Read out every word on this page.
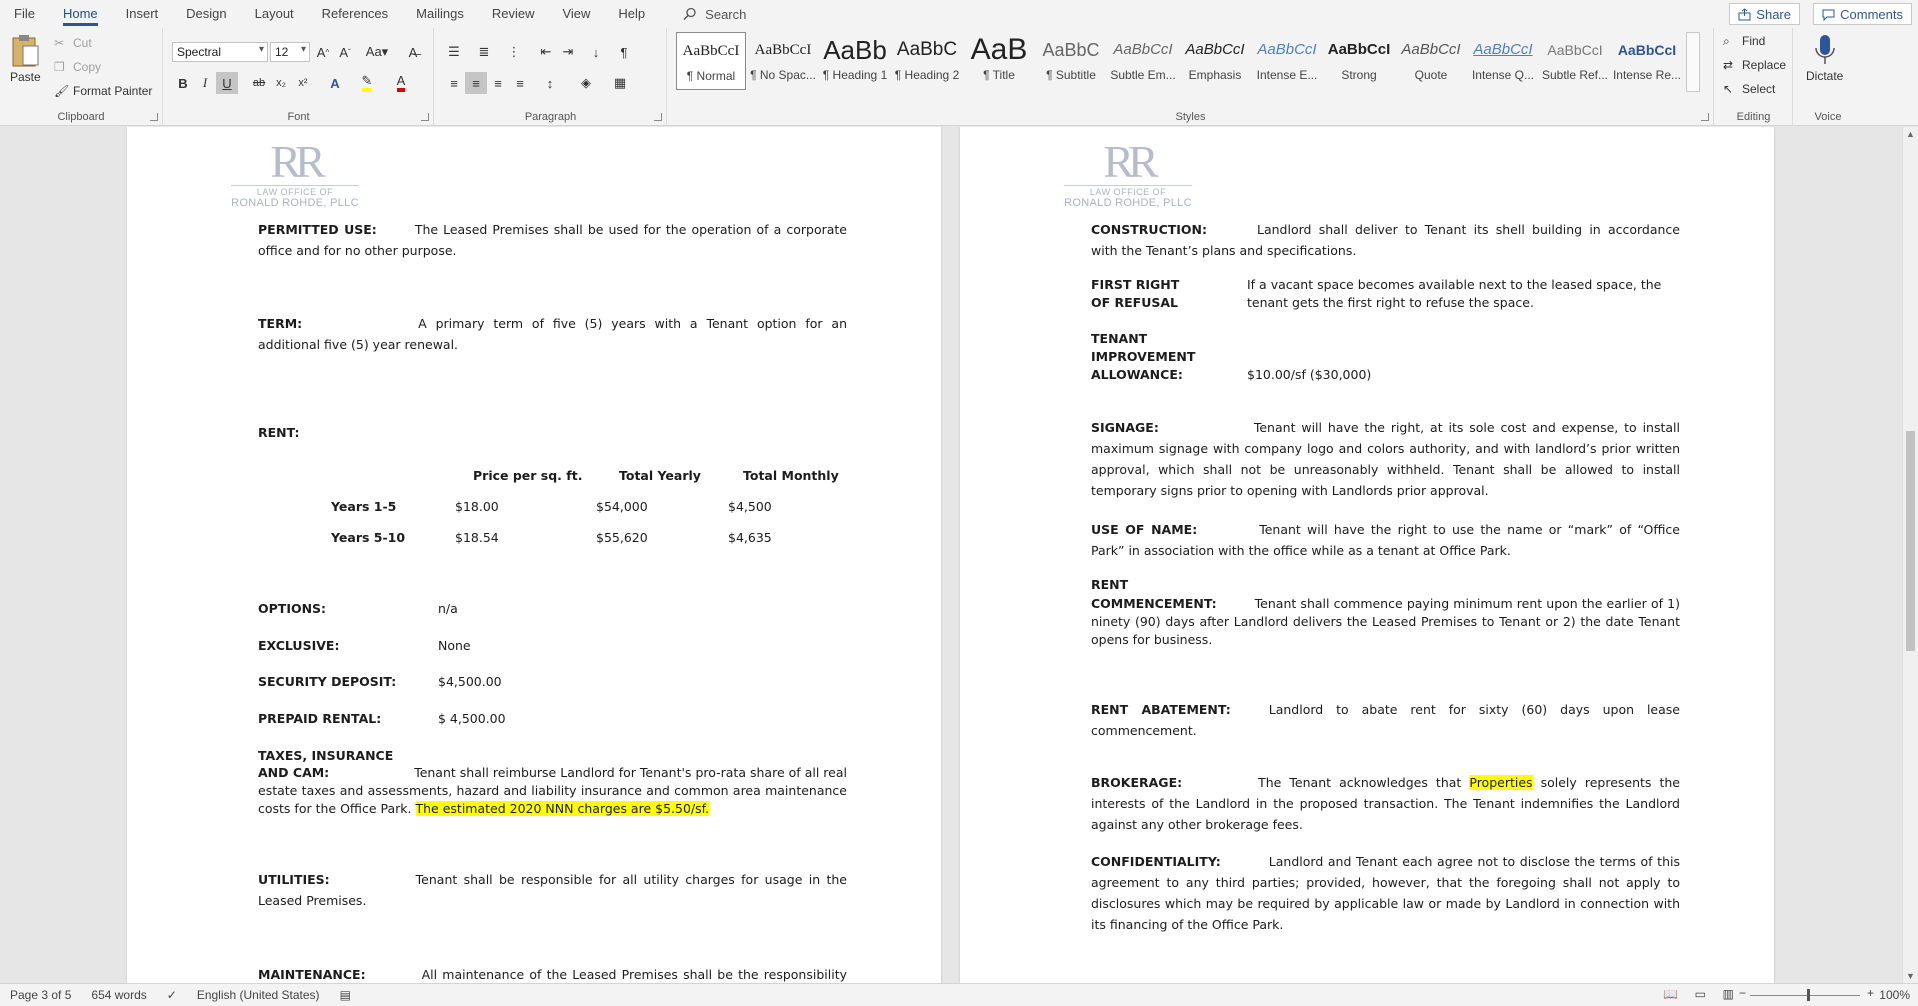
File	Home	Insert	Design	Layout	References	Mailings	Review	View	Help	Search	Share	Comments
Paste
✂ Cut
❐ Copy
🖌 Format Painter
Clipboard
Spectral ▾	12 ▾	A ^ A ˇ Aa▾	A̶
B	I	U	ab x₂	x²	A	✎ A
Font
☰	≣	⋮	⇤ ⇥	↓	¶
≡	≡	≡	≡	↕	◈	▦
Paragraph	Styles
AaBbCcI
¶ Normal
AaBbCcI
¶ No Spac...
AaBb
¶ Heading 1
AaBbC
¶ Heading 2
AaB
¶ Title
AaBbC
¶ Subtitle
AaBbCcI
Subtle Em...
AaBbCcI
Emphasis
AaBbCcI
Intense E...
AaBbCcI
Strong
AaBbCcI
Quote
AaBbCcI
Intense Q...
AaBbCcI
Subtle Ref...
AaBbCcI
Intense Re...
⌕	Find
⇄ Replace
↖ Select
Editing
Dictate
Voice
RR
LAW OFFICE OF
RONALD ROHDE, PLLC
PERMITTED USE:	The Leased Premises shall be used for the operation of a corporate office and for no other purpose.
TERM:	A primary term of five (5) years with a Tenant option for an additional five (5) year renewal.
RENT:
Price per sq. ft.	Total Yearly	Total Monthly
Years 1-5	$18.00	$54,000	$4,500
Years 5-10	$18.54	$55,620	$4,635
OPTIONS:	n/a
EXCLUSIVE:	None
SECURITY DEPOSIT:	$4,500.00
PREPAID RENTAL:	$ 4,500.00
TAXES, INSURANCE
AND CAM:	Tenant shall reimburse Landlord for Tenant's pro-rata share of all real estate taxes and assessments, hazard and liability insurance and common area maintenance costs for the Office Park. The estimated 2020 NNN charges are $5.50/sf.
UTILITIES:	Tenant shall be responsible for all utility charges for usage in the Leased Premises.
MAINTENANCE:	All maintenance of the Leased Premises shall be the responsibility
RR
LAW OFFICE OF
RONALD ROHDE, PLLC
CONSTRUCTION:	Landlord shall deliver to Tenant its shell building in accordance with the Tenant’s plans and specifications.
FIRST RIGHT
OF REFUSAL
If a vacant space becomes available next to the leased space, the
tenant gets the first right to refuse the space.
TENANT
IMPROVEMENT
ALLOWANCE:	$10.00/sf ($30,000)
SIGNAGE:	Tenant will have the right, at its sole cost and expense, to install maximum signage with company logo and colors authority, and with landlord’s prior written approval, which shall not be unreasonably withheld. Tenant shall be allowed to install temporary signs prior to opening with Landlords prior approval.
USE OF NAME:	Tenant will have the right to use the name or “mark” of “Office Park” in association with the office while as a tenant at Office Park.
RENT
COMMENCEMENT:	Tenant shall commence paying minimum rent upon the earlier of 1) ninety (90) days after Landlord delivers the Leased Premises to Tenant or 2) the date Tenant opens for business.
RENT ABATEMENT:	Landlord to abate rent for sixty (60) days upon lease commencement.
BROKERAGE:	The Tenant acknowledges that Properties solely represents the interests of the Landlord in the proposed transaction. The Tenant indemnifies the Landlord against any other brokerage fees.
CONFIDENTIALITY:	Landlord and Tenant each agree not to disclose the terms of this agreement to any third parties; provided, however, that the foregoing shall not apply to disclosures which may be required by applicable law or made by Landlord in connection with its financing of the Office Park.
▲
▼
Page 3 of 5	654 words	✓	English (United States)	▤	📖 ▭ ▥ −	+ 100%
